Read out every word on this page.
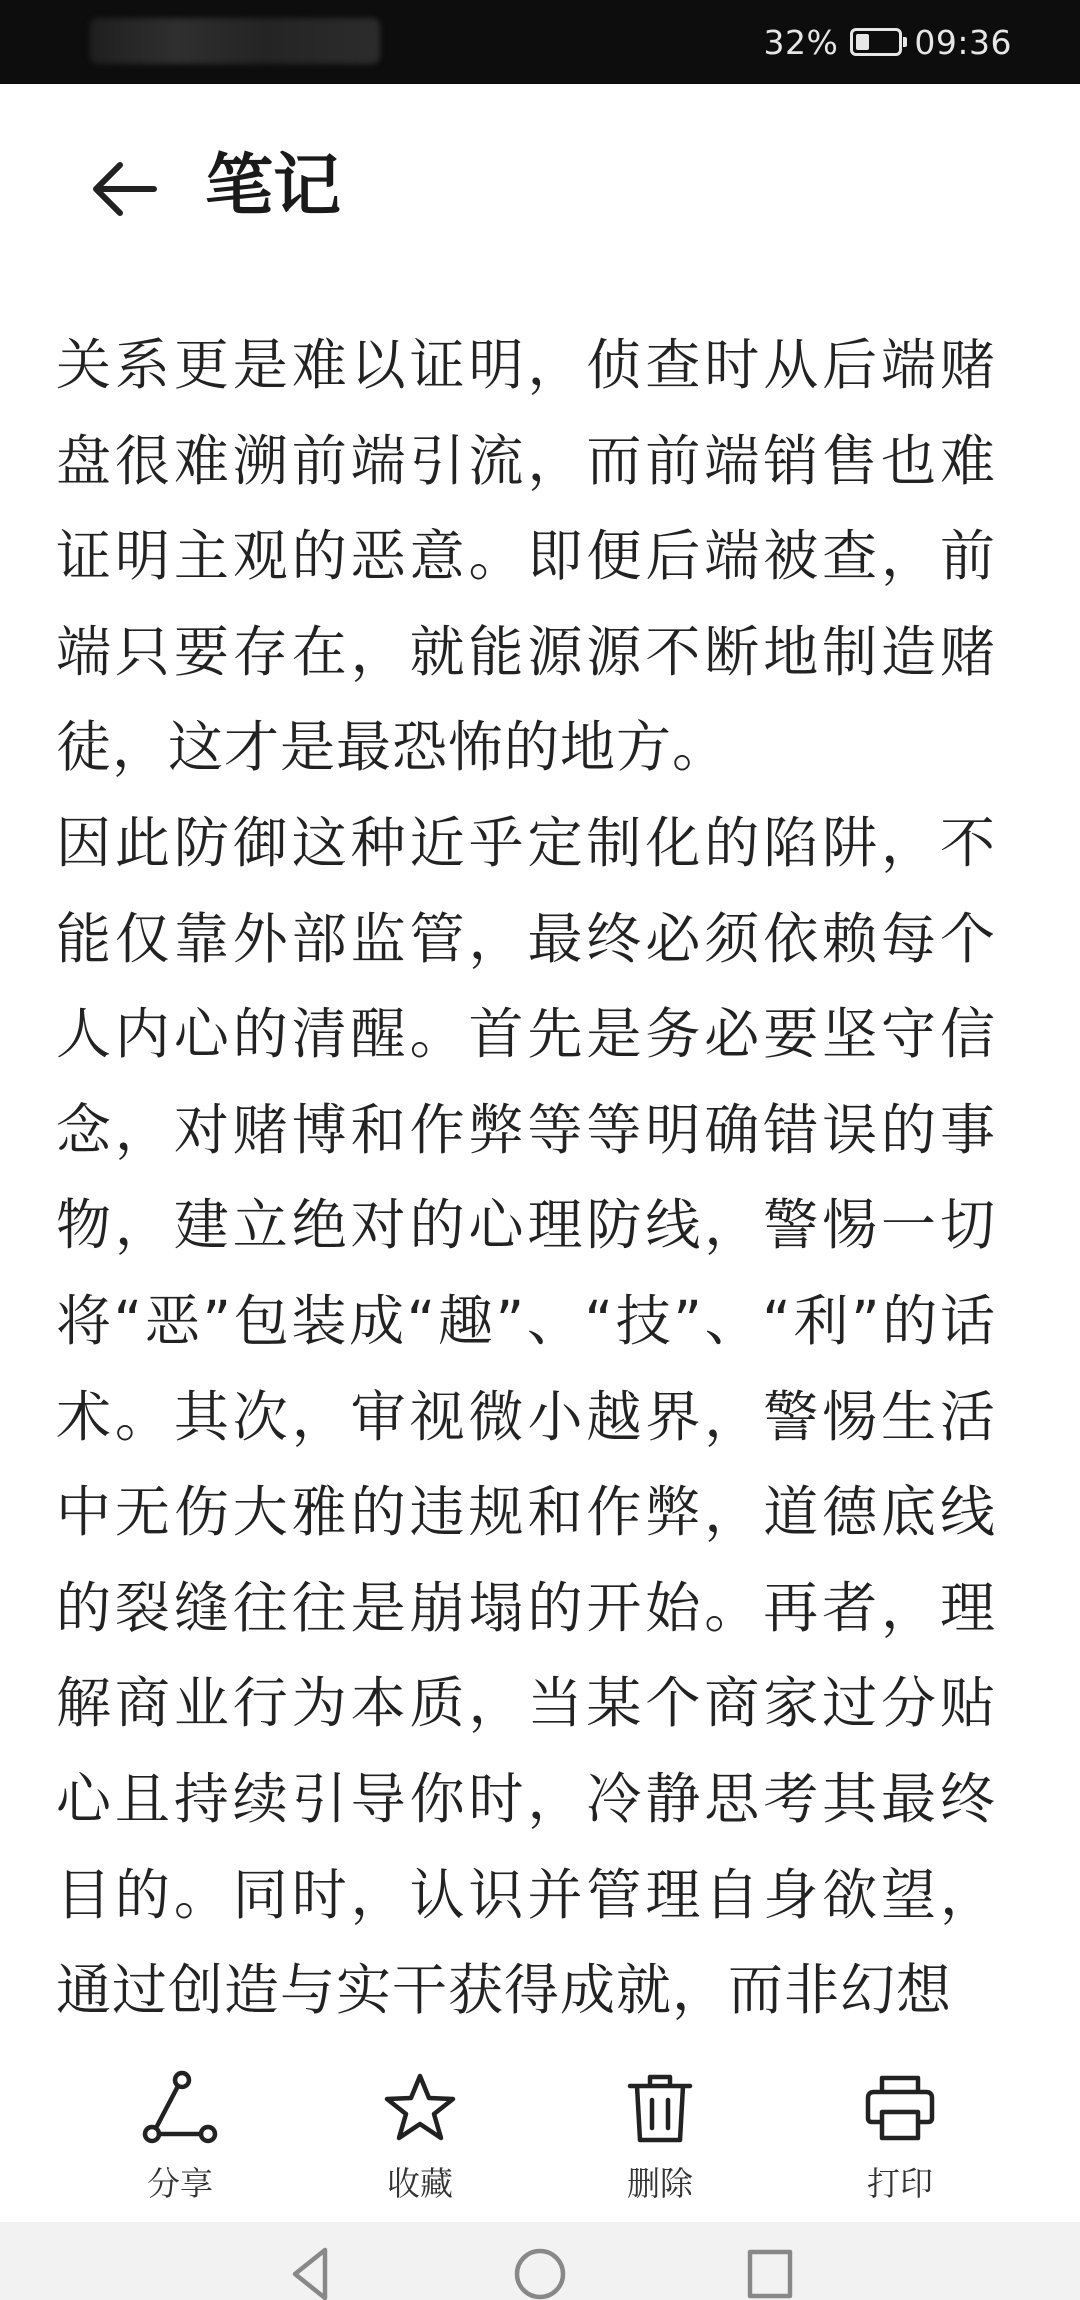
32% 09:36
笔记

关系更是难以证明，侦查时从后端赌盘很难溯前端引流，而前端销售也难证明主观的恶意。即便后端被查，前端只要存在，就能源源不断地制造赌徒，这才是最恐怖的地方。

因此防御这种近乎定制化的陷阱，不能仅靠外部监管，最终必须依赖每个人内心的清醒。首先是务必要坚守信念，对赌博和作弊等等明确错误的事物，建立绝对的心理防线，警惕一切将“恶”包装成“趣”、“技”、“利”的话术。其次，审视微小越界，警惕生活中无伤大雅的违规和作弊，道德底线的裂缝往往是崩塌的开始。再者，理解商业行为本质，当某个商家过分贴心且持续引导你时，冷静思考其最终目的。同时，认识并管理自身欲望，通过创造与实干获得成就，而非幻想

分享	收藏	删除	打印
